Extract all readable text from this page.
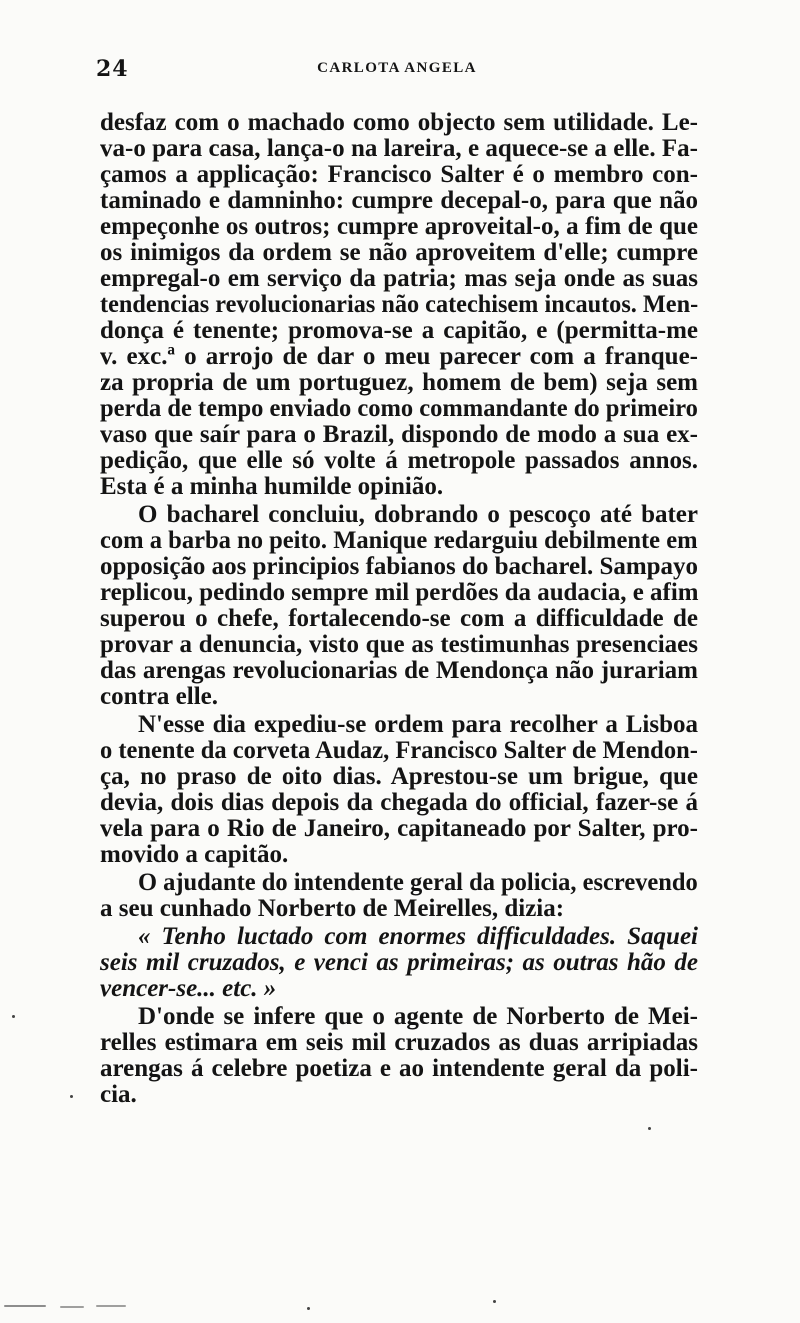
24	CARLOTA ANGELA
desfaz com o machado como objecto sem utilidade. Le-
va-o para casa, lança-o na lareira, e aquece-se a elle. Fa-
çamos a applicação: Francisco Salter é o membro con-
taminado e damninho: cumpre decepal-o, para que não
empeçonhe os outros; cumpre aproveital-o, a fim de que
os inimigos da ordem se não aproveitem d'elle; cumpre
empregal-o em serviço da patria; mas seja onde as suas
tendencias revolucionarias não catechisem incautos. Men-
donça é tenente; promova-se a capitão, e (permitta-me
v. exc.ª o arrojo de dar o meu parecer com a franque-
za propria de um portuguez, homem de bem) seja sem
perda de tempo enviado como commandante do primeiro
vaso que saír para o Brazil, dispondo de modo a sua ex-
pedição, que elle só volte á metropole passados annos.
Esta é a minha humilde opinião.
O bacharel concluiu, dobrando o pescoço até bater
com a barba no peito. Manique redarguiu debilmente em
opposição aos principios fabianos do bacharel. Sampayo
replicou, pedindo sempre mil perdões da audacia, e afim
superou o chefe, fortalecendo-se com a difficuldade de
provar a denuncia, visto que as testimunhas presenciaes
das arengas revolucionarias de Mendonça não jurariam
contra elle.
N'esse dia expediu-se ordem para recolher a Lisboa
o tenente da corveta Audaz, Francisco Salter de Mendon-
ça, no praso de oito dias. Aprestou-se um brigue, que
devia, dois dias depois da chegada do official, fazer-se á
vela para o Rio de Janeiro, capitaneado por Salter, pro-
movido a capitão.
O ajudante do intendente geral da policia, escrevendo
a seu cunhado Norberto de Meirelles, dizia:
« Tenho luctado com enormes difficuldades. Saquei
seis mil cruzados, e venci as primeiras; as outras hão de
vencer-se... etc. »
D'onde se infere que o agente de Norberto de Mei-
relles estimara em seis mil cruzados as duas arripiadas
arengas á celebre poetiza e ao intendente geral da poli-
cia.
